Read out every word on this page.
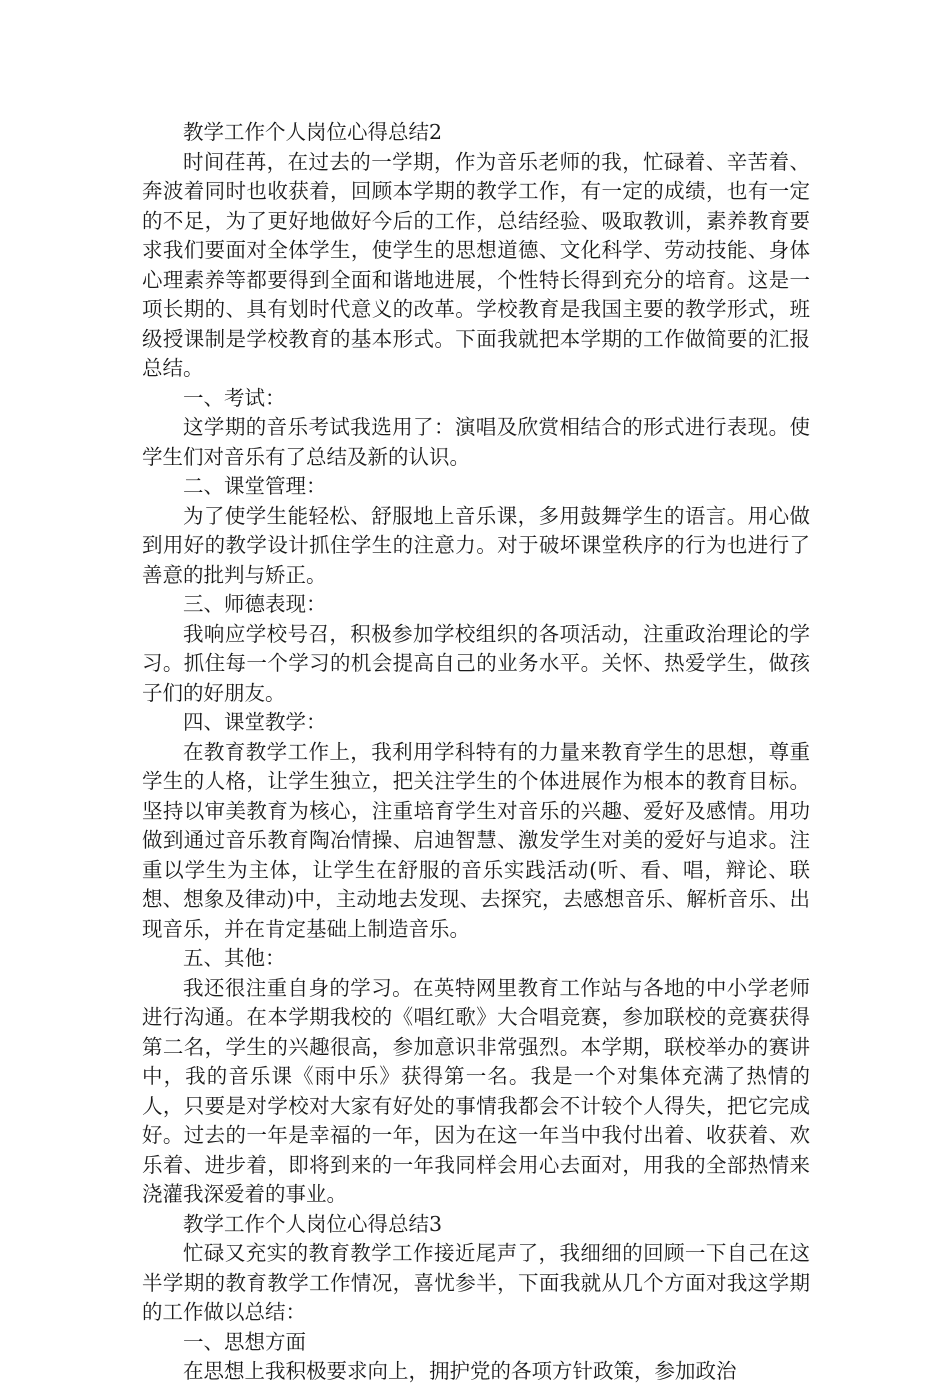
教学工作个人岗位心得总结2

时间荏苒，在过去的一学期，作为音乐老师的我，忙碌着、辛苦着、奔波着同时也收获着，回顾本学期的教学工作，有一定的成绩，也有一定的不足，为了更好地做好今后的工作，总结经验、吸取教训，素养教育要求我们要面对全体学生，使学生的思想道德、文化科学、劳动技能、身体心理素养等都要得到全面和谐地进展，个性特长得到充分的培育。这是一项长期的、具有划时代意义的改革。学校教育是我国主要的教学形式，班级授课制是学校教育的基本形式。下面我就把本学期的工作做简要的汇报总结。

一、考试：

这学期的音乐考试我选用了：演唱及欣赏相结合的形式进行表现。使学生们对音乐有了总结及新的认识。

二、课堂管理：

为了使学生能轻松、舒服地上音乐课，多用鼓舞学生的语言。用心做到用好的教学设计抓住学生的注意力。对于破坏课堂秩序的行为也进行了善意的批判与矫正。

三、师德表现：

我响应学校号召，积极参加学校组织的各项活动，注重政治理论的学习。抓住每一个学习的机会提高自己的业务水平。关怀、热爱学生，做孩子们的好朋友。

四、课堂教学：

在教育教学工作上，我利用学科特有的力量来教育学生的思想，尊重学生的人格，让学生独立，把关注学生的个体进展作为根本的教育目标。坚持以审美教育为核心，注重培育学生对音乐的兴趣、爱好及感情。用功做到通过音乐教育陶冶情操、启迪智慧、激发学生对美的爱好与追求。注重以学生为主体，让学生在舒服的音乐实践活动(听、看、唱，辩论、联想、想象及律动)中，主动地去发现、去探究，去感想音乐、解析音乐、出现音乐，并在肯定基础上制造音乐。

五、其他：

我还很注重自身的学习。在英特网里教育工作站与各地的中小学老师进行沟通。在本学期我校的《唱红歌》大合唱竞赛，参加联校的竞赛获得第二名，学生的兴趣很高，参加意识非常强烈。本学期，联校举办的赛讲中，我的音乐课《雨中乐》获得第一名。我是一个对集体充满了热情的人，只要是对学校对大家有好处的事情我都会不计较个人得失，把它完成好。过去的一年是幸福的一年，因为在这一年当中我付出着、收获着、欢乐着、进步着，即将到来的一年我同样会用心去面对，用我的全部热情来浇灌我深爱着的事业。

教学工作个人岗位心得总结3

忙碌又充实的教育教学工作接近尾声了，我细细的回顾一下自己在这半学期的教育教学工作情况，喜忧参半，下面我就从几个方面对我这学期的工作做以总结：

一、思想方面

在思想上我积极要求向上，拥护党的各项方针政策，参加政治
